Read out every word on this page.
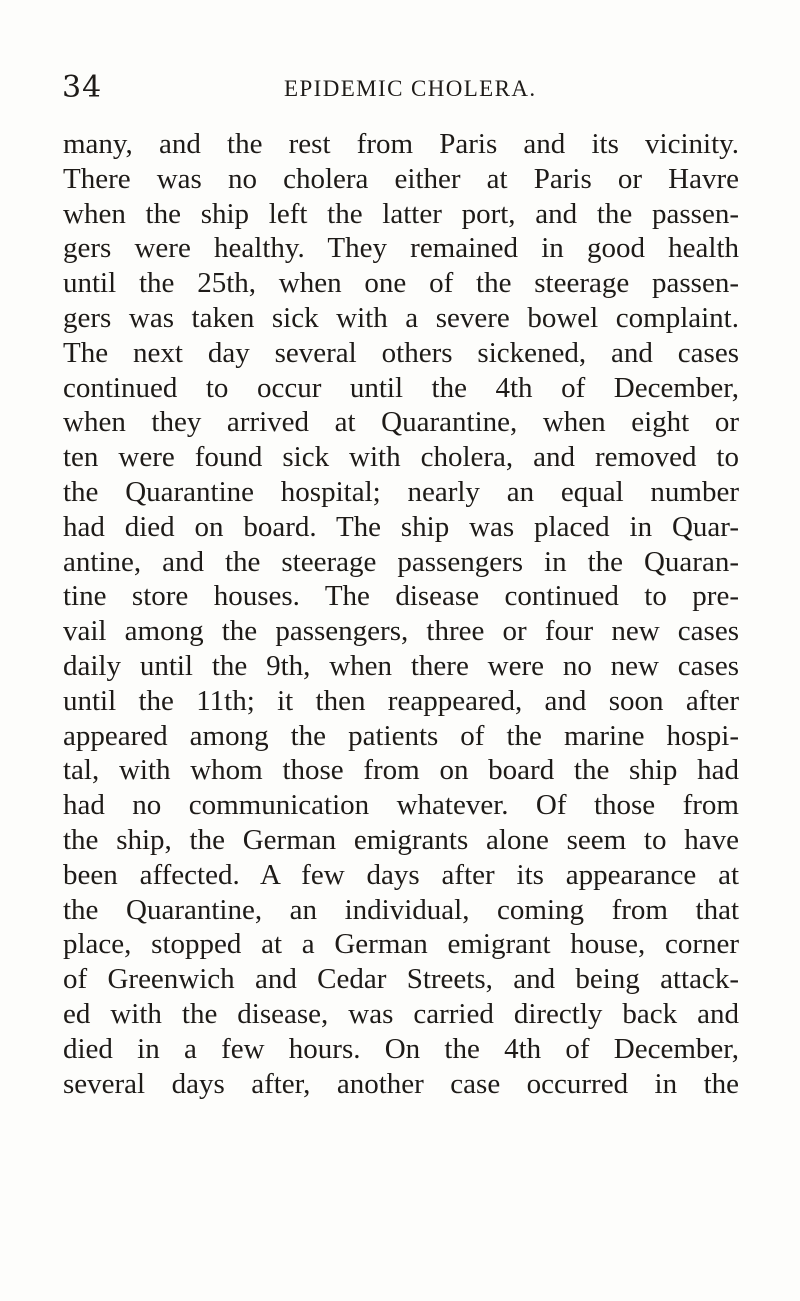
34	EPIDEMIC CHOLERA.
many, and the rest from Paris and its vicinity.
There was no cholera either at Paris or Havre
when the ship left the latter port, and the passen-
gers were healthy. They remained in good health
until the 25th, when one of the steerage passen-
gers was taken sick with a severe bowel complaint.
The next day several others sickened, and cases
continued to occur until the 4th of December,
when they arrived at Quarantine, when eight or
ten were found sick with cholera, and removed to
the Quarantine hospital; nearly an equal number
had died on board. The ship was placed in Quar-
antine, and the steerage passengers in the Quaran-
tine store houses. The disease continued to pre-
vail among the passengers, three or four new cases
daily until the 9th, when there were no new cases
until the 11th; it then reappeared, and soon after
appeared among the patients of the marine hospi-
tal, with whom those from on board the ship had
had no communication whatever. Of those from
the ship, the German emigrants alone seem to have
been affected. A few days after its appearance at
the Quarantine, an individual, coming from that
place, stopped at a German emigrant house, corner
of Greenwich and Cedar Streets, and being attack-
ed with the disease, was carried directly back and
died in a few hours. On the 4th of December,
several days after, another case occurred in the
